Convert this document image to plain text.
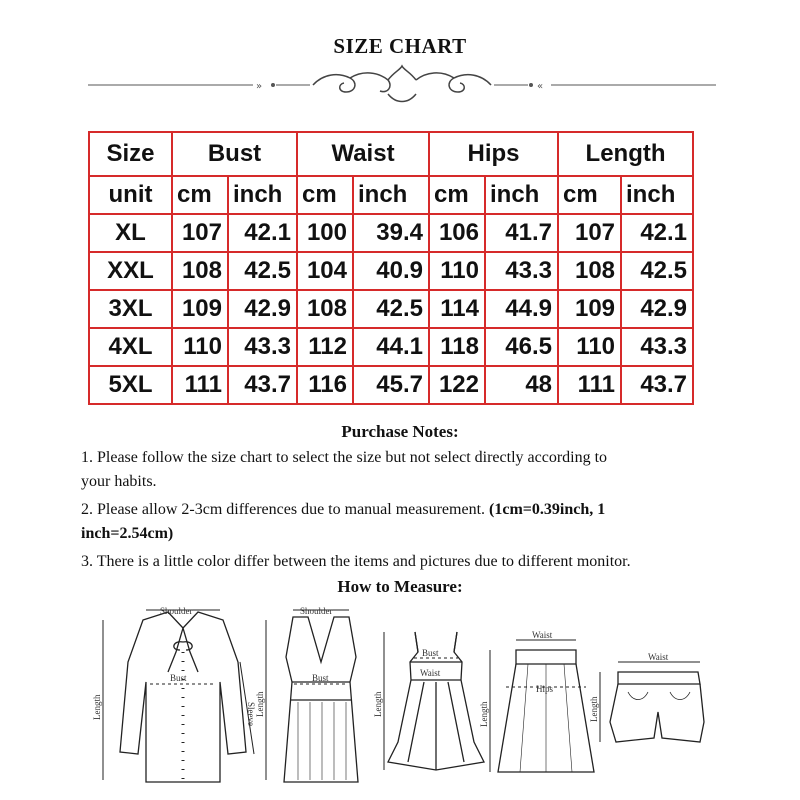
SIZE CHART
»	«
Size	Bust		Waist		Hips		Length	
unit	cm	inch	cm	inch	cm	inch	cm	inch
XL	107	42.1	100	39.4	106	41.7	107	42.1
XXL	108	42.5	104	40.9	110	43.3	108	42.5
3XL	109	42.9	108	42.5	114	44.9	109	42.9
4XL	110	43.3	112	44.1	118	46.5	110	43.3
5XL	111	43.7	116	45.7	122	48	111	43.7
Purchase Notes:
1. Please follow the size chart to select the size but not select directly according to
your habits.
2. Please allow 2-3cm differences due to manual measurement. (1cm=0.39inch, 1
inch=2.54cm)
3. There is a little color differ between the items and pictures due to different monitor.
How to Measure:
Shoulder
Bust
Sleeve
Length
Shoulder
Bust
Length
Bust
Waist
Length
Waist
Hips
Length
Waist
Length
